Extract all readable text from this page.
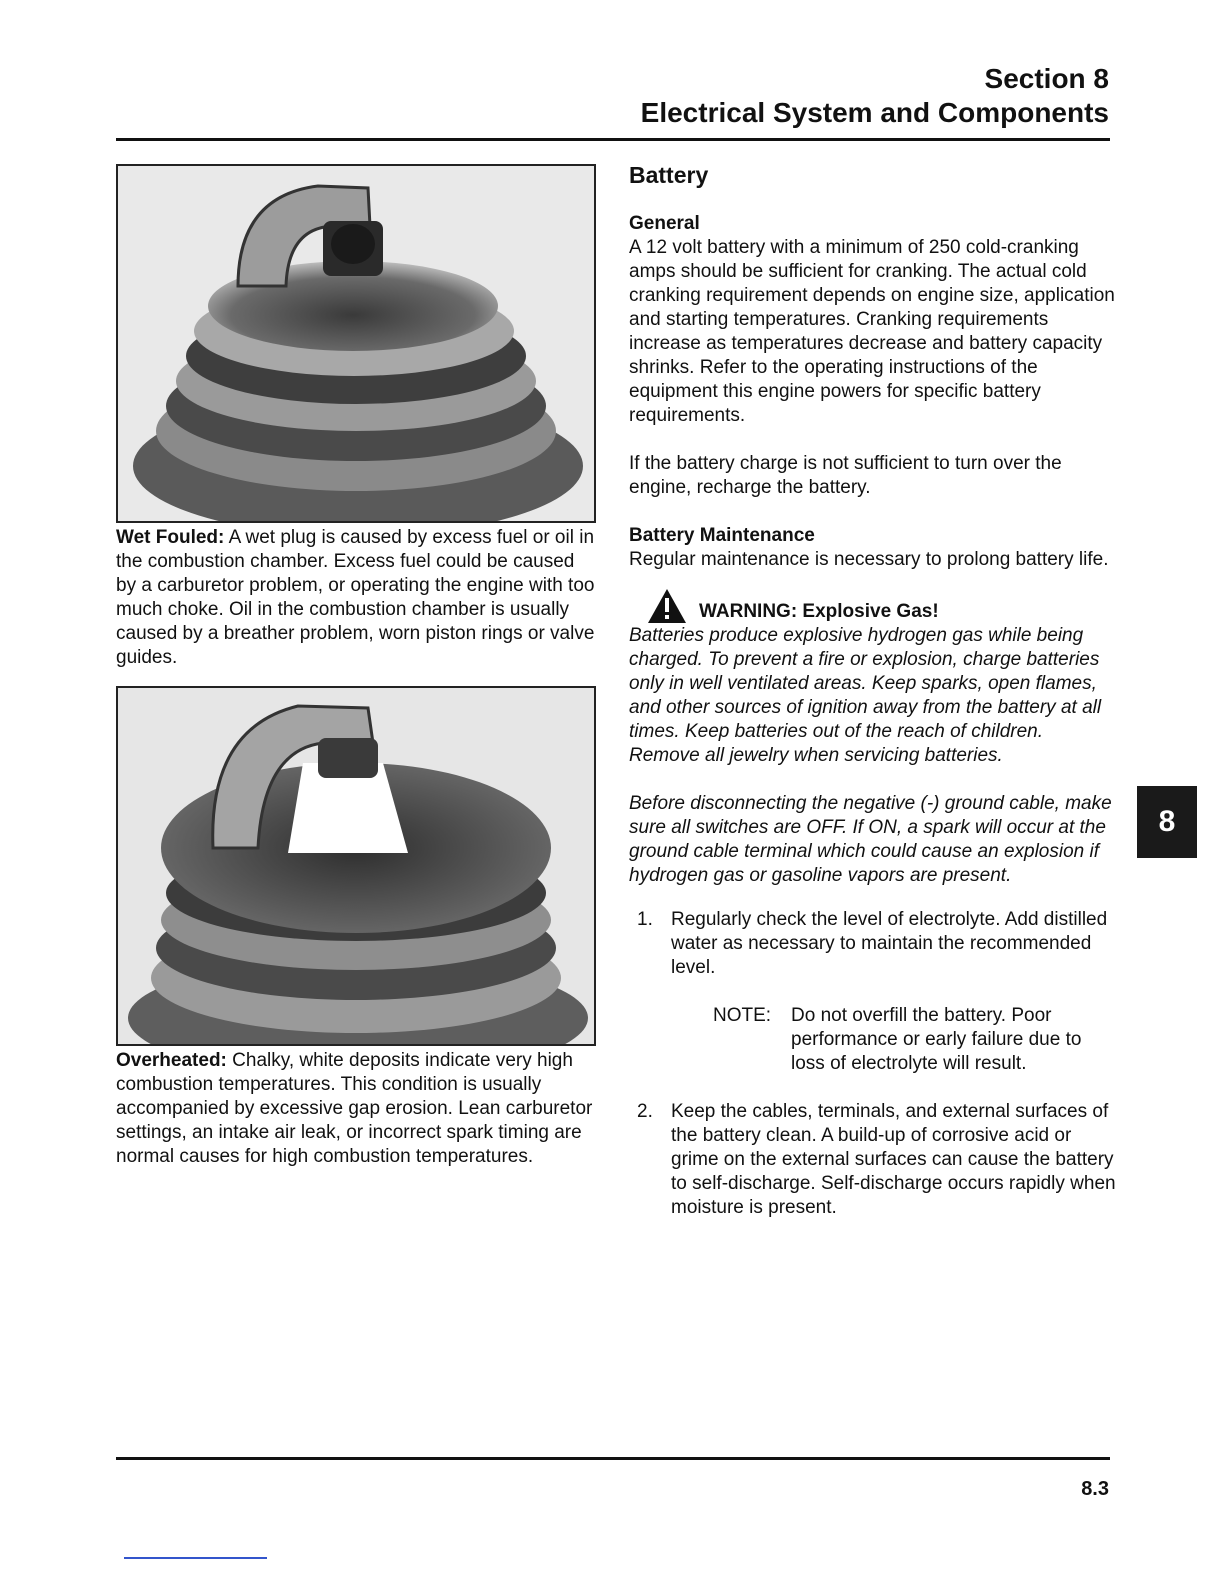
Section 8
Electrical System and Components

Wet Fouled: A wet plug is caused by excess fuel or oil in the combustion chamber. Excess fuel could be caused by a carburetor problem, or operating the engine with too much choke. Oil in the combustion chamber is usually caused by a breather problem, worn piston rings or valve guides.

Overheated: Chalky, white deposits indicate very high combustion temperatures. This condition is usually accompanied by excessive gap erosion. Lean carburetor settings, an intake air leak, or incorrect spark timing are normal causes for high combustion temperatures.

Battery
General

A 12 volt battery with a minimum of 250 cold-cranking amps should be sufficient for cranking. The actual cold cranking requirement depends on engine size, application and starting temperatures. Cranking requirements increase as temperatures decrease and battery capacity shrinks. Refer to the operating instructions of the equipment this engine powers for specific battery requirements.

If the battery charge is not sufficient to turn over the engine, recharge the battery.

Battery Maintenance

Regular maintenance is necessary to prolong battery life.

WARNING: Explosive Gas!

Batteries produce explosive hydrogen gas while being charged. To prevent a fire or explosion, charge batteries only in well ventilated areas. Keep sparks, open flames, and other sources of ignition away from the battery at all times. Keep batteries out of the reach of children. Remove all jewelry when servicing batteries.

Before disconnecting the negative (-) ground cable, make sure all switches are OFF. If ON, a spark will occur at the ground cable terminal which could cause an explosion if hydrogen gas or gasoline vapors are present.

1. Regularly check the level of electrolyte. Add distilled water as necessary to maintain the recommended level.
NOTE:	Do not overfill the battery. Poor performance or early failure due to loss of electrolyte will result.
2. Keep the cables, terminals, and external surfaces of the battery clean. A build-up of corrosive acid or grime on the external surfaces can cause the battery to self-discharge. Self-discharge occurs rapidly when moisture is present.
8
8.3
